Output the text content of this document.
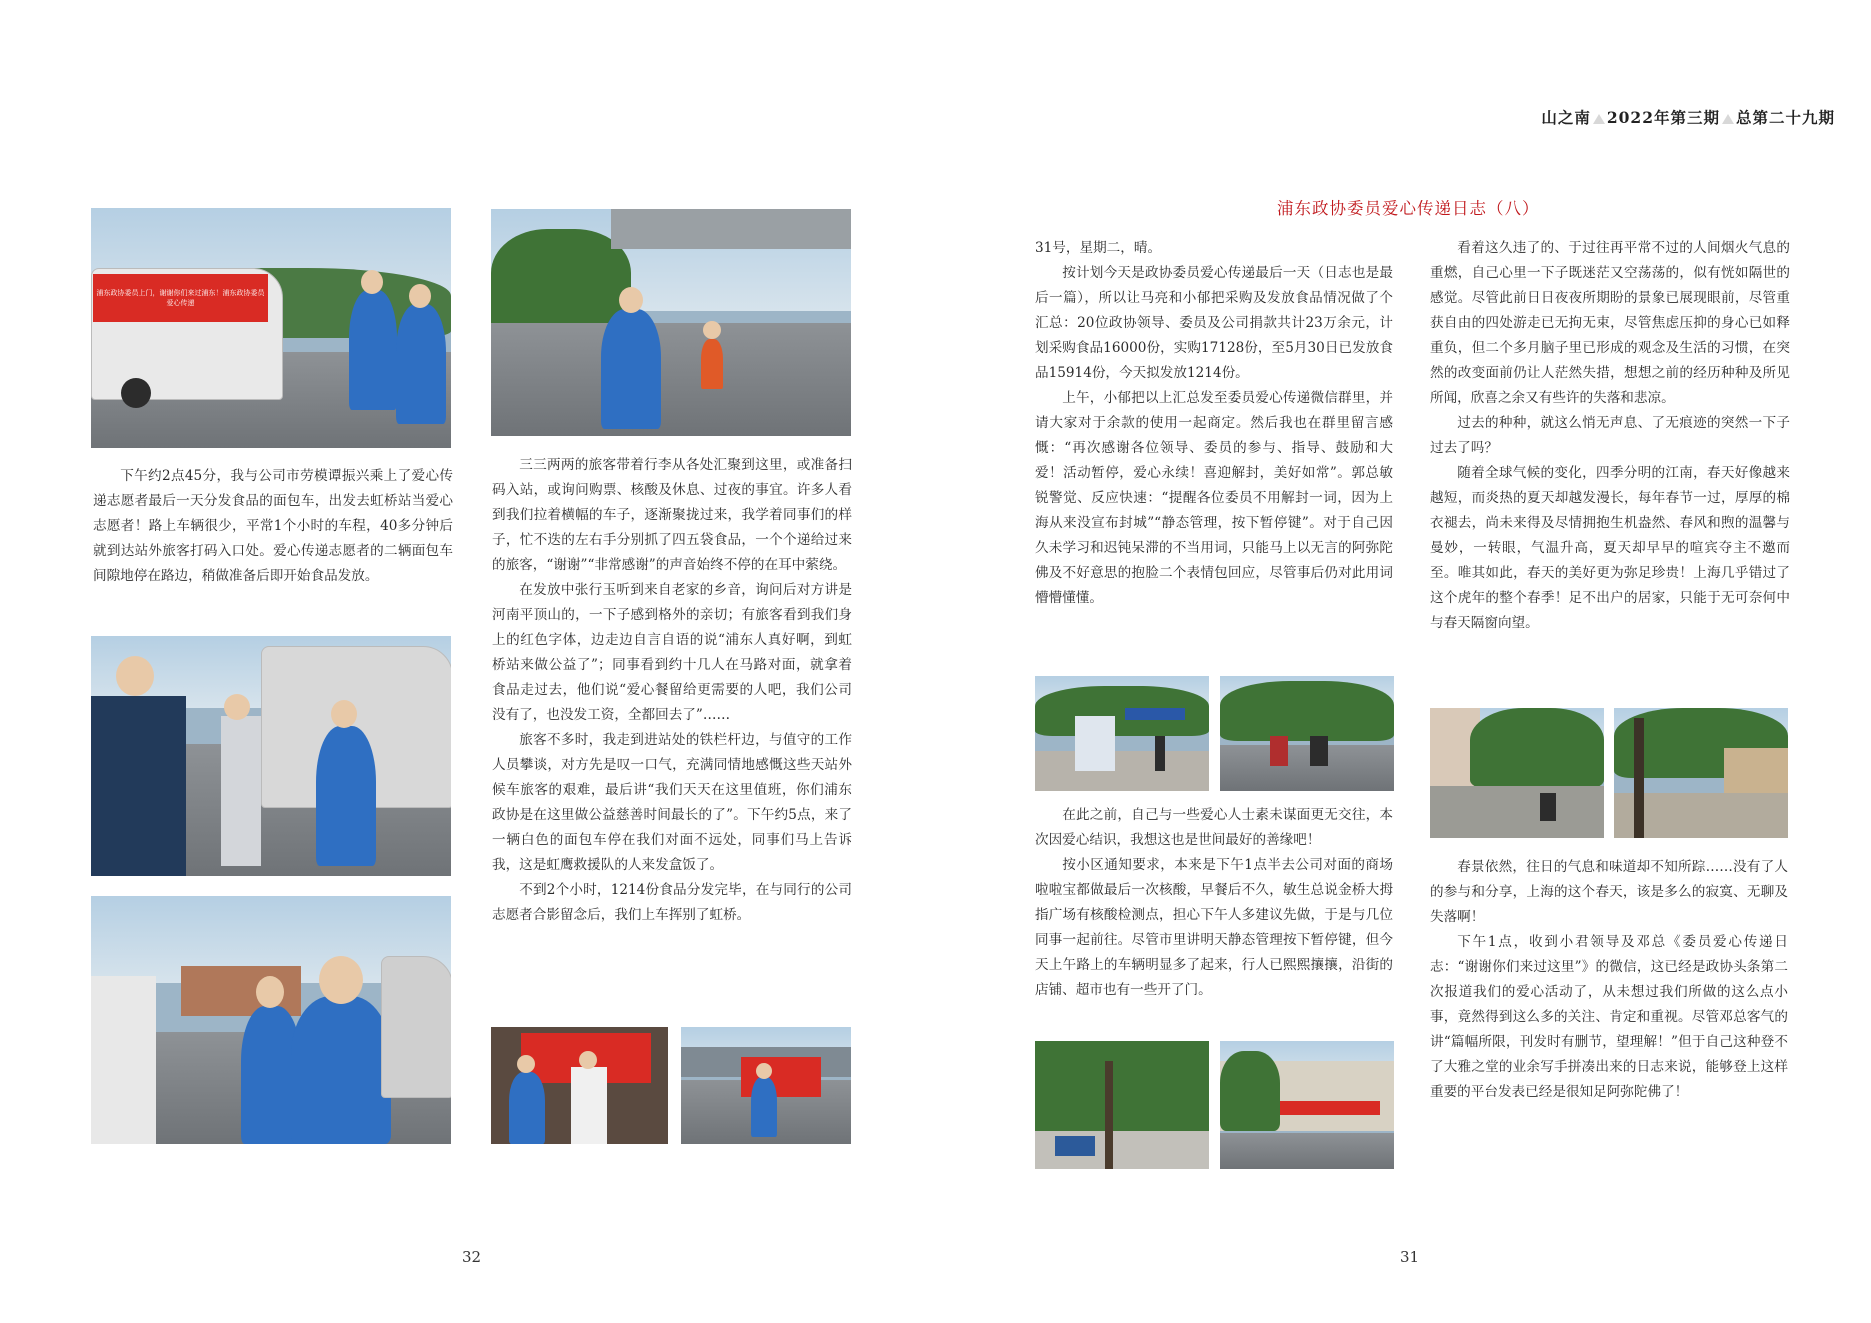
山之南 2022年第三期 总第二十九期
浦东政协委员上门，谢谢你们来过浦东！浦东政协委员爱心传递

下午约2点45分，我与公司市劳模谭振兴乘上了爱心传递志愿者最后一天分发食品的面包车，出发去虹桥站当爱心志愿者！路上车辆很少，平常1个小时的车程，40多分钟后就到达站外旅客打码入口处。爱心传递志愿者的二辆面包车间隙地停在路边，稍做准备后即开始食品发放。

三三两两的旅客带着行李从各处汇聚到这里，或准备扫码入站，或询问购票、核酸及休息、过夜的事宜。许多人看到我们拉着横幅的车子，逐渐聚拢过来，我学着同事们的样子，忙不迭的左右手分别抓了四五袋食品，一个个递给过来的旅客，“谢谢”“非常感谢”的声音始终不停的在耳中萦绕。

在发放中张行玉听到来自老家的乡音，询问后对方讲是河南平顶山的，一下子感到格外的亲切；有旅客看到我们身上的红色字体，边走边自言自语的说“浦东人真好啊，到虹桥站来做公益了”；同事看到约十几人在马路对面，就拿着食品走过去，他们说“爱心餐留给更需要的人吧，我们公司没有了，也没发工资，全都回去了”……

旅客不多时，我走到进站处的铁栏杆边，与值守的工作人员攀谈，对方先是叹一口气，充满同情地感慨这些天站外候车旅客的艰难，最后讲“我们天天在这里值班，你们浦东政协是在这里做公益慈善时间最长的了”。下午约5点，来了一辆白色的面包车停在我们对面不远处，同事们马上告诉我，这是虹鹰救援队的人来发盒饭了。

不到2个小时，1214份食品分发完毕，在与同行的公司志愿者合影留念后，我们上车挥别了虹桥。

32
浦东政协委员爱心传递日志（八）

31号，星期二，晴。

按计划今天是政协委员爱心传递最后一天（日志也是最后一篇），所以让马亮和小郁把采购及发放食品情况做了个汇总：20位政协领导、委员及公司捐款共计23万余元，计划采购食品16000份，实购17128份，至5月30日已发放食品15914份，今天拟发放1214份。

上午，小郁把以上汇总发至委员爱心传递微信群里，并请大家对于余款的使用一起商定。然后我也在群里留言感慨：“再次感谢各位领导、委员的参与、指导、鼓励和大爱！活动暂停，爱心永续！喜迎解封，美好如常”。郭总敏锐警觉、反应快速：“提醒各位委员不用解封一词，因为上海从来没宣布封城”“静态管理，按下暂停键”。对于自己因久未学习和迟钝呆滞的不当用词，只能马上以无言的阿弥陀佛及不好意思的抱脸二个表情包回应，尽管事后仍对此用词懵懵懂懂。

在此之前，自己与一些爱心人士素未谋面更无交往，本次因爱心结识，我想这也是世间最好的善缘吧！

按小区通知要求，本来是下午1点半去公司对面的商场啦啦宝都做最后一次核酸，早餐后不久，敏生总说金桥大拇指广场有核酸检测点，担心下午人多建议先做，于是与几位同事一起前往。尽管市里讲明天静态管理按下暂停键，但今天上午路上的车辆明显多了起来，行人已熙熙攘攘，沿街的店铺、超市也有一些开了门。

看着这久违了的、于过往再平常不过的人间烟火气息的重燃，自己心里一下子既迷茫又空荡荡的，似有恍如隔世的感觉。尽管此前日日夜夜所期盼的景象已展现眼前，尽管重获自由的四处游走已无拘无束，尽管焦虑压抑的身心已如释重负，但二个多月脑子里已形成的观念及生活的习惯，在突然的改变面前仍让人茫然失措，想想之前的经历种种及所见所闻，欣喜之余又有些许的失落和悲凉。

过去的种种，就这么悄无声息、了无痕迹的突然一下子过去了吗？

随着全球气候的变化，四季分明的江南，春天好像越来越短，而炎热的夏天却越发漫长，每年春节一过，厚厚的棉衣褪去，尚未来得及尽情拥抱生机盎然、春风和煦的温馨与曼妙，一转眼，气温升高，夏天却早早的喧宾夺主不邀而至。唯其如此，春天的美好更为弥足珍贵！上海几乎错过了这个虎年的整个春季！足不出户的居家，只能于无可奈何中与春天隔窗向望。

春景依然，往日的气息和味道却不知所踪……没有了人的参与和分享，上海的这个春天，该是多么的寂寞、无聊及失落啊！

下午1点，收到小君领导及邓总《委员爱心传递日志：“谢谢你们来过这里”》的微信，这已经是政协头条第二次报道我们的爱心活动了，从未想过我们所做的这么点小事，竟然得到这么多的关注、肯定和重视。尽管邓总客气的讲“篇幅所限，刊发时有删节，望理解！”但于自己这种登不了大雅之堂的业余写手拼凑出来的日志来说，能够登上这样重要的平台发表已经是很知足阿弥陀佛了！

31
